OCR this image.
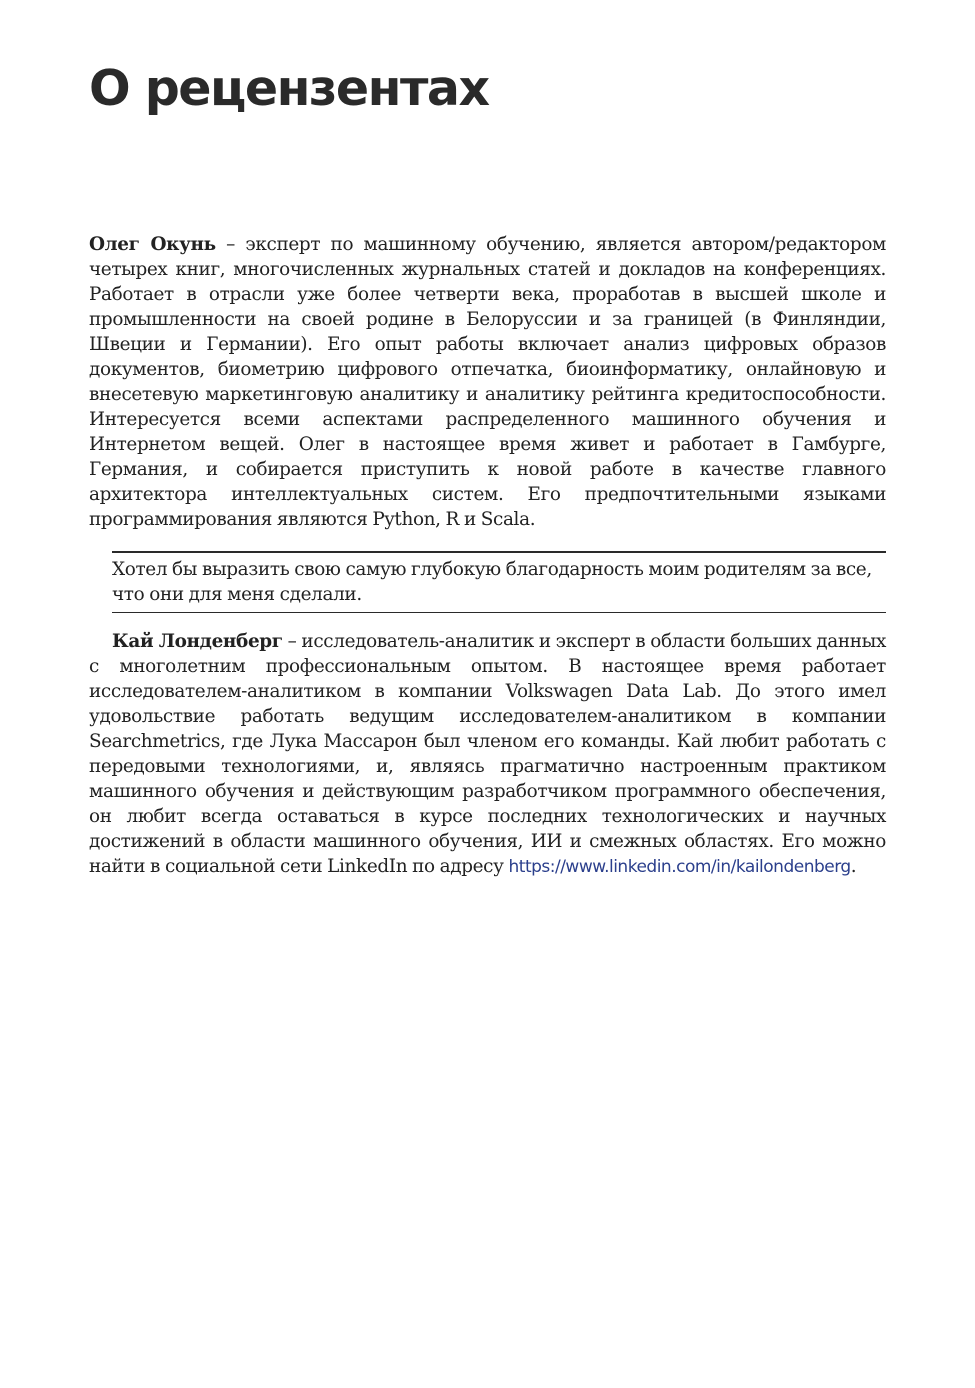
О рецензентах

Олег Окунь – эксперт по машинному обучению, является автором/редактором четырех книг, многочисленных журнальных статей и докладов на конференциях. Работает в отрасли уже более четверти века, проработав в высшей школе и промышленности на своей родине в Белоруссии и за границей (в Финляндии, Швеции и Германии). Его опыт работы включает анализ цифровых образов документов, биометрию цифрового отпечатка, биоинформатику, онлайновую и внесетевую маркетинговую аналитику и аналитику рейтинга кредитоспособности. Интересуется всеми аспектами распределенного машинного обучения и Интернетом вещей. Олег в настоящее время живет и работает в Гамбурге, Германия, и собирается приступить к новой работе в качестве главного архитектора интеллектуальных систем. Его предпочтительными языками программирования являются Python, R и Scala.

Хотел бы выразить свою самую глубокую благодарность моим родителям за все, что они для меня сделали.

Кай Лонденберг – исследователь-аналитик и эксперт в области больших данных с многолетним профессиональным опытом. В настоящее время работает исследователем-аналитиком в компании Volkswagen Data Lab. До этого имел удовольствие работать ведущим исследователем-аналитиком в компании Searchmetrics, где Лука Массарон был членом его команды. Кай любит работать с передовыми технологиями, и, являясь прагматично настроенным практиком машинного обучения и действующим разработчиком программного обеспечения, он любит всегда оставаться в курсе последних технологических и научных достижений в области машинного обучения, ИИ и смежных областях. Его можно найти в социальной сети LinkedIn по адресу https://www.linkedin.com/in/kailondenberg.
